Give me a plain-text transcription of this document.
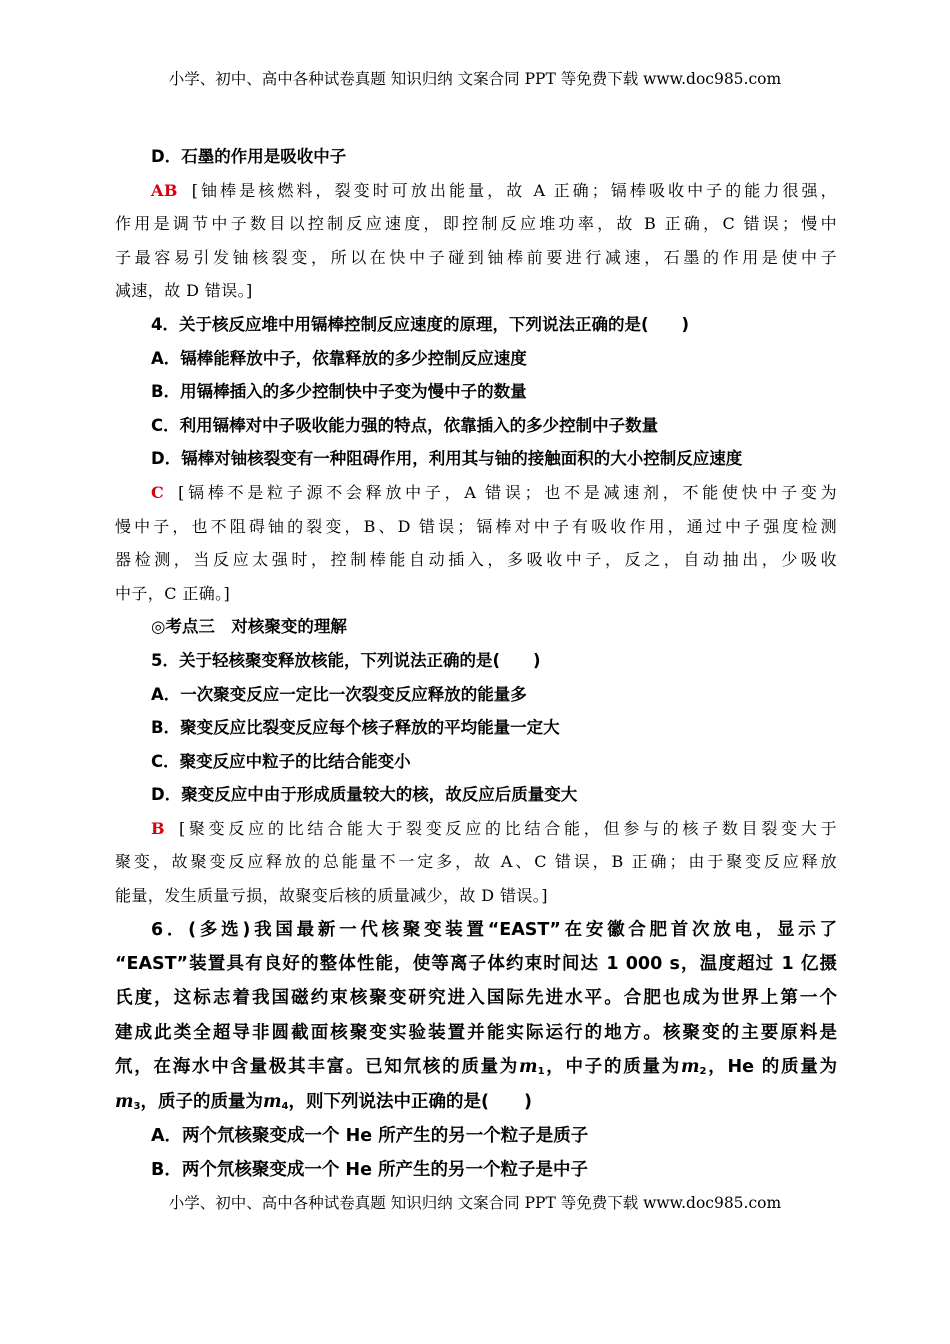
小学、初中、高中各种试卷真题 知识归纳 文案合同 PPT 等免费下载 www.doc985.com
D．石墨的作用是吸收中子
AB [铀棒是核燃料，裂变时可放出能量，故 A 正确；镉棒吸收中子的能力很强，
作用是调节中子数目以控制反应速度，即控制反应堆功率，故 B 正确，C 错误；慢中
子最容易引发铀核裂变，所以在快中子碰到铀棒前要进行减速，石墨的作用是使中子
减速，故 D 错误。]
4．关于核反应堆中用镉棒控制反应速度的原理，下列说法正确的是(　　)
A．镉棒能释放中子，依靠释放的多少控制反应速度
B．用镉棒插入的多少控制快中子变为慢中子的数量
C．利用镉棒对中子吸收能力强的特点，依靠插入的多少控制中子数量
D．镉棒对铀核裂变有一种阻碍作用，利用其与铀的接触面积的大小控制反应速度
C [镉棒不是粒子源不会释放中子，A 错误；也不是减速剂，不能使快中子变为
慢中子，也不阻碍铀的裂变，B、D 错误；镉棒对中子有吸收作用，通过中子强度检测
器检测，当反应太强时，控制棒能自动插入，多吸收中子，反之，自动抽出，少吸收
中子，C 正确。]
◎考点三　对核聚变的理解
5．关于轻核聚变释放核能，下列说法正确的是(　　)
A．一次聚变反应一定比一次裂变反应释放的能量多
B．聚变反应比裂变反应每个核子释放的平均能量一定大
C．聚变反应中粒子的比结合能变小
D．聚变反应中由于形成质量较大的核，故反应后质量变大
B [聚变反应的比结合能大于裂变反应的比结合能，但参与的核子数目裂变大于
聚变，故聚变反应释放的总能量不一定多，故 A、C 错误，B 正确；由于聚变反应释放
能量，发生质量亏损，故聚变后核的质量减少，故 D 错误。]
6．(多选)我国最新一代核聚变装置“EAST”在安徽合肥首次放电，显示了
“EAST”装置具有良好的整体性能，使等离子体约束时间达 1 000 s，温度超过 1 亿摄
氏度，这标志着我国磁约束核聚变研究进入国际先进水平。合肥也成为世界上第一个
建成此类全超导非圆截面核聚变实验装置并能实际运行的地方。核聚变的主要原料是
氘，在海水中含量极其丰富。已知氘核的质量为$m_1$，中子的质量为$m_2$，He 的质量为
$m_3$，质子的质量为$m_4$，则下列说法中正确的是(　　)
A．两个氘核聚变成一个 He 所产生的另一个粒子是质子
B．两个氘核聚变成一个 He 所产生的另一个粒子是中子
小学、初中、高中各种试卷真题 知识归纳 文案合同 PPT 等免费下载 www.doc985.com
